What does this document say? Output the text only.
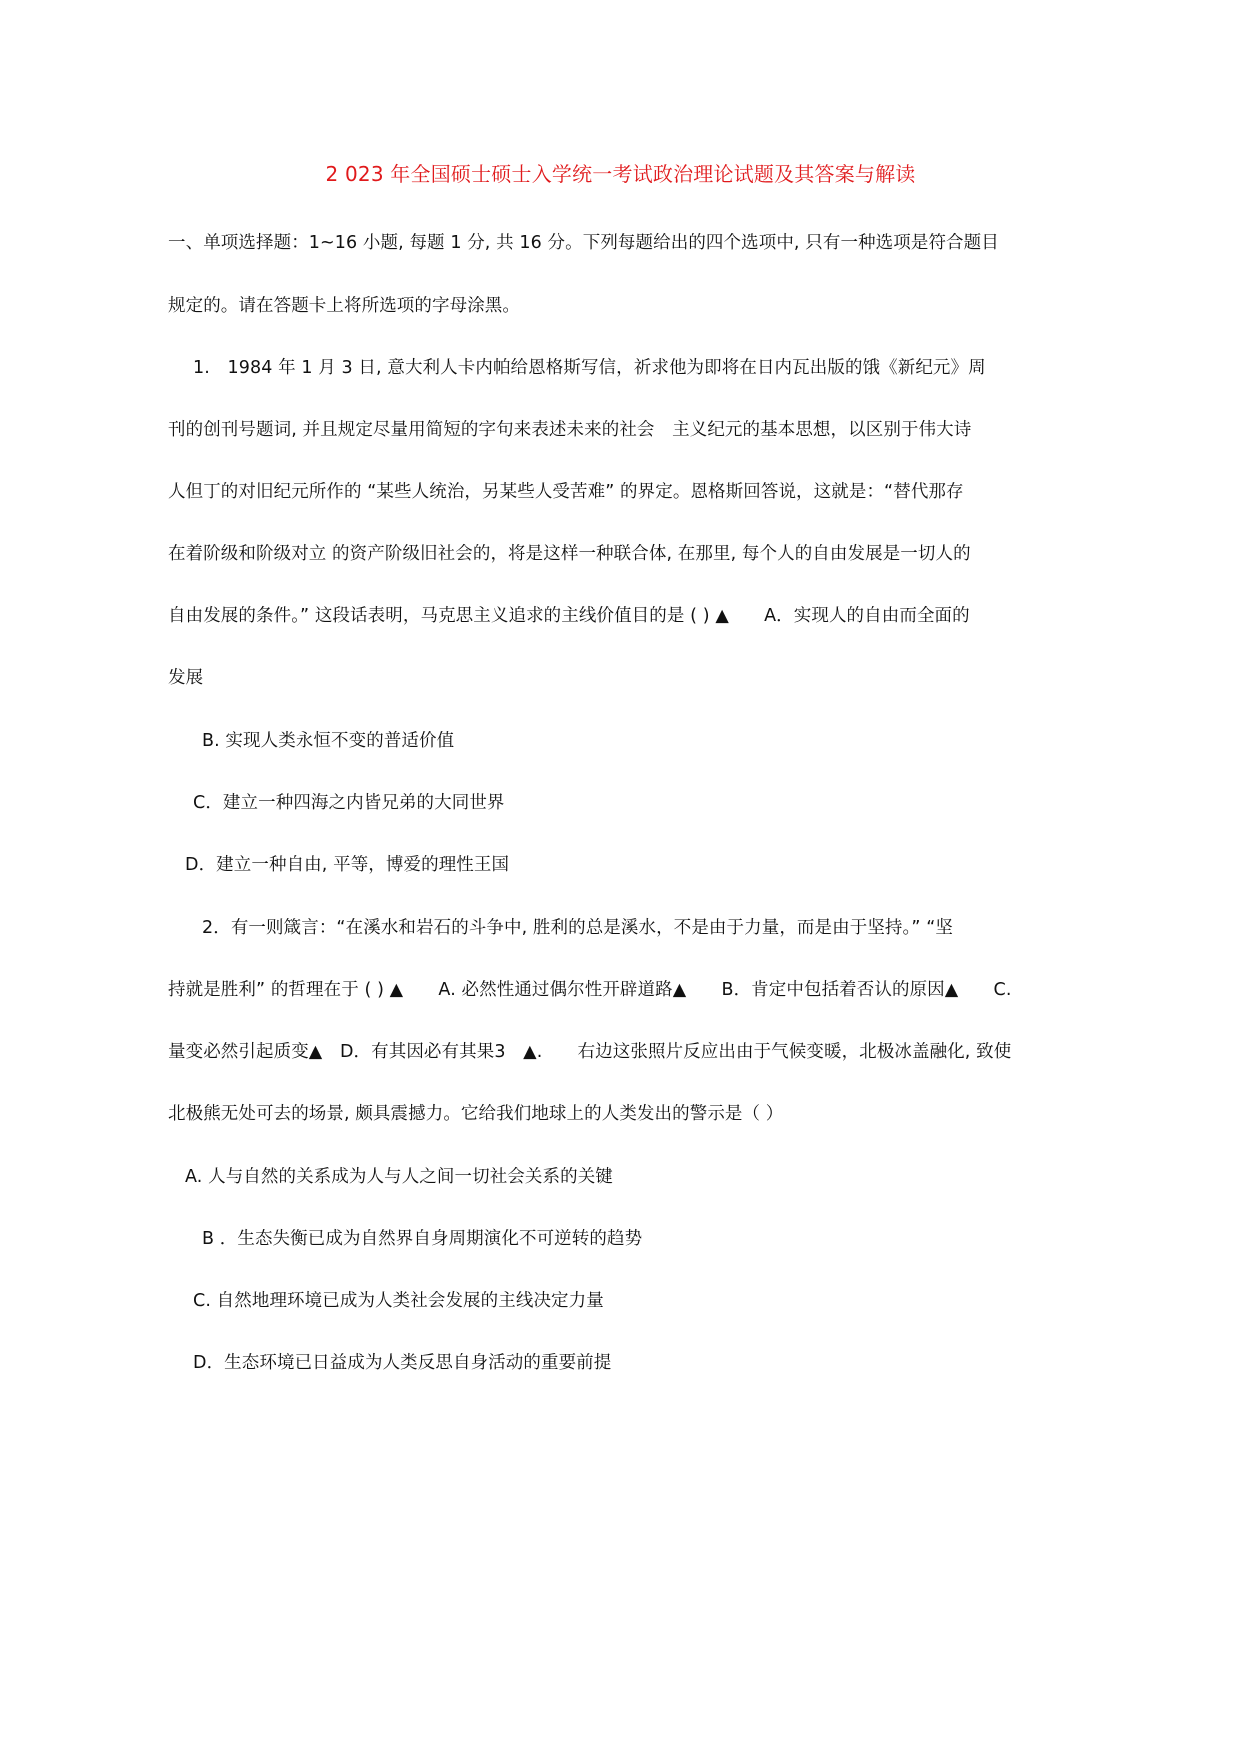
2 023 年全国硕士硕士入学统一考试政治理论试题及其答案与解读
一、单项选择题：1~16 小题, 每题 1 分, 共 16 分。下列每题给出的四个选项中, 只有一种选项是符合题目
规定的。请在答题卡上将所选项的字母涂黑。
1.　1984 年 1 月 3 日, 意大利人卡内帕给恩格斯写信，祈求他为即将在日内瓦出版的饿《新纪元》周
刊的创刊号题词, 并且规定尽量用简短的字句来表述未来的社会　主义纪元的基本思想，以区别于伟大诗
人但丁的对旧纪元所作的 “某些人统治，另某些人受苦难” 的界定。恩格斯回答说，这就是：“替代那存
在着阶级和阶级对立 的资产阶级旧社会的，将是这样一种联合体, 在那里, 每个人的自由发展是一切人的
自由发展的条件。” 这段话表明，马克思主义追求的主线价值目的是 ( ) ▲　　A．实现人的自由而全面的
发展
B. 实现人类永恒不变的普适价值
C．建立一种四海之内皆兄弟的大同世界
D．建立一种自由, 平等，博爱的理性王国
2．有一则箴言：“在溪水和岩石的斗争中, 胜利的总是溪水，不是由于力量，而是由于坚持。” “坚
持就是胜利” 的哲理在于 ( ) ▲　　A. 必然性通过偶尔性开辟道路▲　　B．肯定中包括着否认的原因▲　　C.
量变必然引起质变▲　D．有其因必有其果3　▲.　　右边这张照片反应出由于气候变暖，北极冰盖融化, 致使
北极熊无处可去的场景, 颇具震撼力。它给我们地球上的人类发出的警示是（ ）
A. 人与自然的关系成为人与人之间一切社会关系的关键
B ．生态失衡已成为自然界自身周期演化不可逆转的趋势
C. 自然地理环境已成为人类社会发展的主线决定力量
D．生态环境已日益成为人类反思自身活动的重要前提
